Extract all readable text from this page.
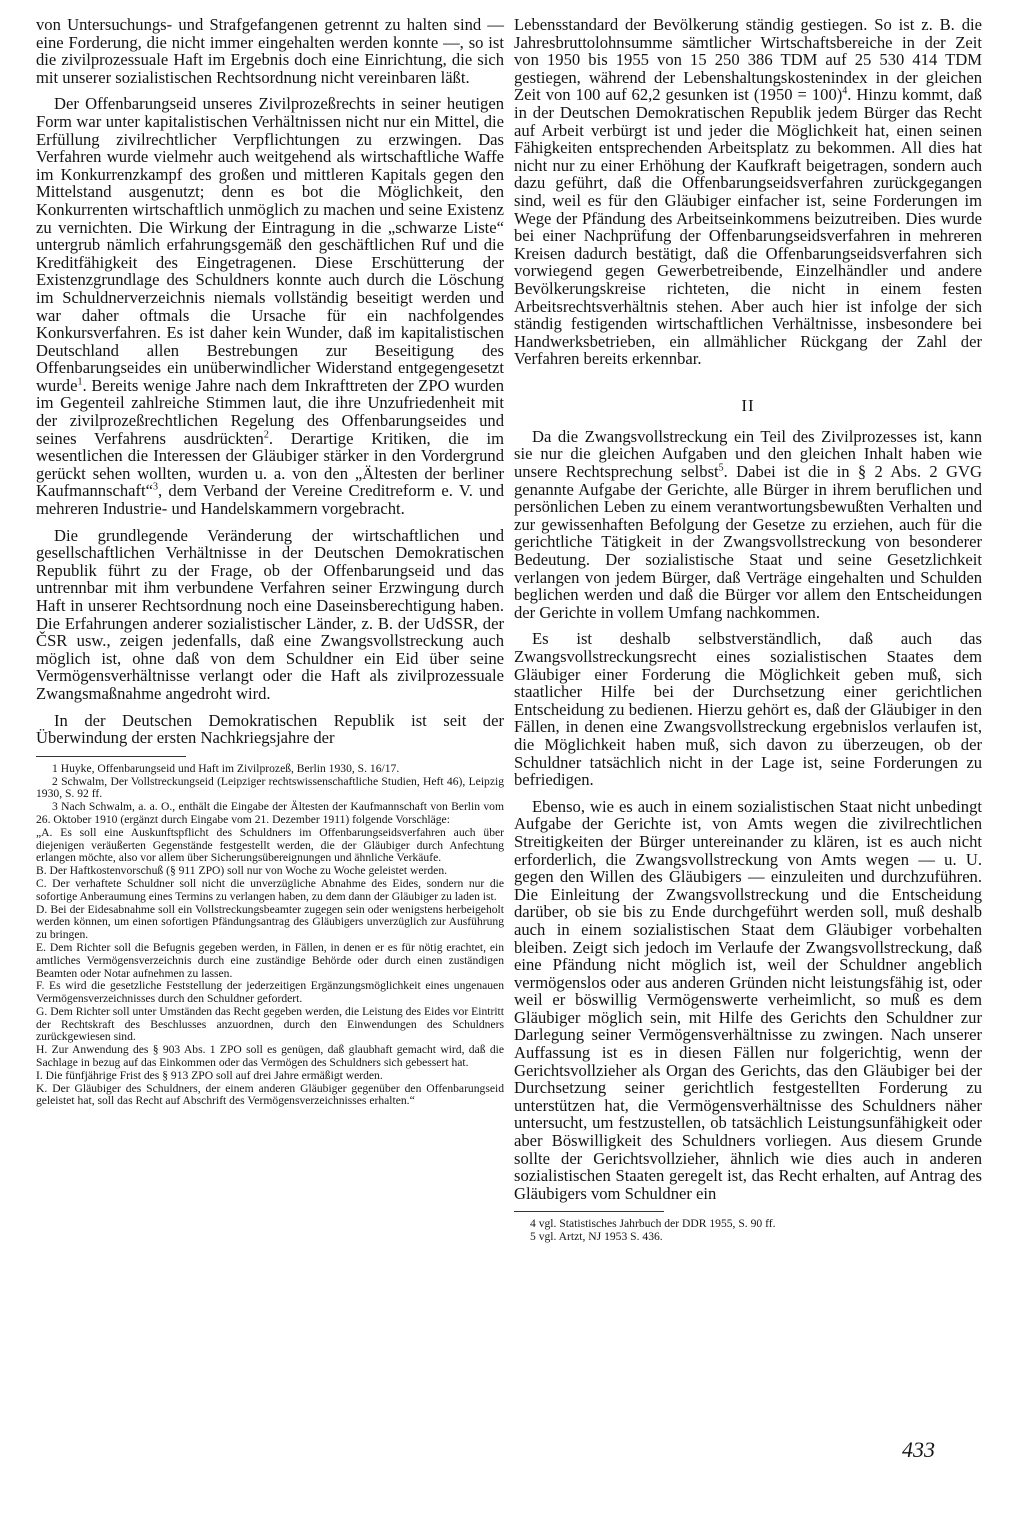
von Untersuchungs- und Strafgefangenen getrennt zu halten sind — eine Forderung, die nicht immer eingehalten werden konnte —, so ist die zivilprozessuale Haft im Ergebnis doch eine Einrichtung, die sich mit unserer sozialistischen Rechtsordnung nicht vereinbaren läßt.

Der Offenbarungseid unseres Zivilprozeßrechts in seiner heutigen Form war unter kapitalistischen Verhältnissen nicht nur ein Mittel, die Erfüllung zivilrechtlicher Verpflichtungen zu erzwingen. Das Verfahren wurde vielmehr auch weitgehend als wirtschaftliche Waffe im Konkurrenzkampf des großen und mittleren Kapitals gegen den Mittelstand ausgenutzt; denn es bot die Möglichkeit, den Konkurrenten wirtschaftlich unmöglich zu machen und seine Existenz zu vernichten. Die Wirkung der Eintragung in die „schwarze Liste“ untergrub nämlich erfahrungsgemäß den geschäftlichen Ruf und die Kreditfähigkeit des Eingetragenen. Diese Erschütterung der Existenzgrundlage des Schuldners konnte auch durch die Löschung im Schuldnerverzeichnis niemals vollständig beseitigt werden und war daher oftmals die Ursache für ein nachfolgendes Konkursverfahren. Es ist daher kein Wunder, daß im kapitalistischen Deutschland allen Bestrebungen zur Beseitigung des Offenbarungseides ein unüberwindlicher Widerstand entgegengesetzt wurde$^1$. Bereits wenige Jahre nach dem Inkrafttreten der ZPO wurden im Gegenteil zahlreiche Stimmen laut, die ihre Unzufriedenheit mit der zivilprozeßrechtlichen Regelung des Offenbarungseides und seines Verfahrens ausdrückten$^2$. Derartige Kritiken, die im wesentlichen die Interessen der Gläubiger stärker in den Vordergrund gerückt sehen wollten, wurden u. a. von den „Ältesten der berliner Kaufmannschaft“$^3$, dem Verband der Vereine Creditreform e. V. und mehreren Industrie- und Handelskammern vorgebracht.

Die grundlegende Veränderung der wirtschaftlichen und gesellschaftlichen Verhältnisse in der Deutschen Demokratischen Republik führt zu der Frage, ob der Offenbarungseid und das untrennbar mit ihm verbundene Verfahren seiner Erzwingung durch Haft in unserer Rechtsordnung noch eine Daseinsberechtigung haben. Die Erfahrungen anderer sozialistischer Länder, z. B. der UdSSR, der ČSR usw., zeigen jedenfalls, daß eine Zwangsvollstreckung auch möglich ist, ohne daß von dem Schuldner ein Eid über seine Vermögensverhältnisse verlangt oder die Haft als zivilprozessuale Zwangsmaßnahme angedroht wird.

In der Deutschen Demokratischen Republik ist seit der Überwindung der ersten Nachkriegsjahre der

1 Huyke, Offenbarungseid und Haft im Zivilprozeß, Berlin 1930, S. 16/17.

2 Schwalm, Der Vollstreckungseid (Leipziger rechtswissenschaftliche Studien, Heft 46), Leipzig 1930, S. 92 ff.

3 Nach Schwalm, a. a. O., enthält die Eingabe der Ältesten der Kaufmannschaft von Berlin vom 26. Oktober 1910 (ergänzt durch Eingabe vom 21. Dezember 1911) folgende Vorschläge:

„A. Es soll eine Auskunftspflicht des Schuldners im Offenbarungseidsverfahren auch über diejenigen veräußerten Gegenstände festgestellt werden, die der Gläubiger durch Anfechtung erlangen möchte, also vor allem über Sicherungsübereignungen und ähnliche Verkäufe.

B. Der Haftkostenvorschuß (§ 911 ZPO) soll nur von Woche zu Woche geleistet werden.

C. Der verhaftete Schuldner soll nicht die unverzügliche Abnahme des Eides, sondern nur die sofortige Anberaumung eines Termins zu verlangen haben, zu dem dann der Gläubiger zu laden ist.

D. Bei der Eidesabnahme soll ein Vollstreckungsbeamter zugegen sein oder wenigstens herbeigeholt werden können, um einen sofortigen Pfändungsantrag des Gläubigers unverzüglich zur Ausführung zu bringen.

E. Dem Richter soll die Befugnis gegeben werden, in Fällen, in denen er es für nötig erachtet, ein amtliches Vermögensverzeichnis durch eine zuständige Behörde oder durch einen zuständigen Beamten oder Notar aufnehmen zu lassen.

F. Es wird die gesetzliche Feststellung der jederzeitigen Ergänzungsmöglichkeit eines ungenauen Vermögensverzeichnisses durch den Schuldner gefordert.

G. Dem Richter soll unter Umständen das Recht gegeben werden, die Leistung des Eides vor Eintritt der Rechtskraft des Beschlusses anzuordnen, durch den Einwendungen des Schuldners zurückgewiesen sind.

H. Zur Anwendung des § 903 Abs. 1 ZPO soll es genügen, daß glaubhaft gemacht wird, daß die Sachlage in bezug auf das Einkommen oder das Vermögen des Schuldners sich gebessert hat.

I. Die fünfjährige Frist des § 913 ZPO soll auf drei Jahre ermäßigt werden.

K. Der Gläubiger des Schuldners, der einem anderen Gläubiger gegenüber den Offenbarungseid geleistet hat, soll das Recht auf Abschrift des Vermögensverzeichnisses erhalten.“

Lebensstandard der Bevölkerung ständig gestiegen. So ist z. B. die Jahresbruttolohnsumme sämtlicher Wirtschaftsbereiche in der Zeit von 1950 bis 1955 von 15 250 386 TDM auf 25 530 414 TDM gestiegen, während der Lebenshaltungskostenindex in der gleichen Zeit von 100 auf 62,2 gesunken ist (1950 = 100)$^4$. Hinzu kommt, daß in der Deutschen Demokratischen Republik jedem Bürger das Recht auf Arbeit verbürgt ist und jeder die Möglichkeit hat, einen seinen Fähigkeiten entsprechenden Arbeitsplatz zu bekommen. All dies hat nicht nur zu einer Erhöhung der Kaufkraft beigetragen, sondern auch dazu geführt, daß die Offenbarungseidsverfahren zurückgegangen sind, weil es für den Gläubiger einfacher ist, seine Forderungen im Wege der Pfändung des Arbeitseinkommens beizutreiben. Dies wurde bei einer Nachprüfung der Offenbarungseidsverfahren in mehreren Kreisen dadurch bestätigt, daß die Offenbarungseidsverfahren sich vorwiegend gegen Gewerbetreibende, Einzelhändler und andere Bevölkerungskreise richteten, die nicht in einem festen Arbeitsrechtsverhältnis stehen. Aber auch hier ist infolge der sich ständig festigenden wirtschaftlichen Verhältnisse, insbesondere bei Handwerksbetrieben, ein allmählicher Rückgang der Zahl der Verfahren bereits erkennbar.

II

Da die Zwangsvollstreckung ein Teil des Zivilprozesses ist, kann sie nur die gleichen Aufgaben und den gleichen Inhalt haben wie unsere Rechtsprechung selbst$^5$. Dabei ist die in § 2 Abs. 2 GVG genannte Aufgabe der Gerichte, alle Bürger in ihrem beruflichen und persönlichen Leben zu einem verantwortungsbewußten Verhalten und zur gewissenhaften Befolgung der Gesetze zu erziehen, auch für die gerichtliche Tätigkeit in der Zwangsvollstreckung von besonderer Bedeutung. Der sozialistische Staat und seine Gesetzlichkeit verlangen von jedem Bürger, daß Verträge eingehalten und Schulden beglichen werden und daß die Bürger vor allem den Entscheidungen der Gerichte in vollem Umfang nachkommen.

Es ist deshalb selbstverständlich, daß auch das Zwangsvollstreckungsrecht eines sozialistischen Staates dem Gläubiger einer Forderung die Möglichkeit geben muß, sich staatlicher Hilfe bei der Durchsetzung einer gerichtlichen Entscheidung zu bedienen. Hierzu gehört es, daß der Gläubiger in den Fällen, in denen eine Zwangsvollstreckung ergebnislos verlaufen ist, die Möglichkeit haben muß, sich davon zu überzeugen, ob der Schuldner tatsächlich nicht in der Lage ist, seine Forderungen zu befriedigen.

Ebenso, wie es auch in einem sozialistischen Staat nicht unbedingt Aufgabe der Gerichte ist, von Amts wegen die zivilrechtlichen Streitigkeiten der Bürger untereinander zu klären, ist es auch nicht erforderlich, die Zwangsvollstreckung von Amts wegen — u. U. gegen den Willen des Gläubigers — einzuleiten und durchzuführen. Die Einleitung der Zwangsvollstreckung und die Entscheidung darüber, ob sie bis zu Ende durchgeführt werden soll, muß deshalb auch in einem sozialistischen Staat dem Gläubiger vorbehalten bleiben. Zeigt sich jedoch im Verlaufe der Zwangsvollstreckung, daß eine Pfändung nicht möglich ist, weil der Schuldner angeblich vermögenslos oder aus anderen Gründen nicht leistungsfähig ist, oder weil er böswillig Vermögenswerte verheimlicht, so muß es dem Gläubiger möglich sein, mit Hilfe des Gerichts den Schuldner zur Darlegung seiner Vermögensverhältnisse zu zwingen. Nach unserer Auffassung ist es in diesen Fällen nur folgerichtig, wenn der Gerichtsvollzieher als Organ des Gerichts, das den Gläubiger bei der Durchsetzung seiner gerichtlich festgestellten Forderung zu unterstützen hat, die Vermögensverhältnisse des Schuldners näher untersucht, um festzustellen, ob tatsächlich Leistungsunfähigkeit oder aber Böswilligkeit des Schuldners vorliegen. Aus diesem Grunde sollte der Gerichtsvollzieher, ähnlich wie dies auch in anderen sozialistischen Staaten geregelt ist, das Recht erhalten, auf Antrag des Gläubigers vom Schuldner ein

4 vgl. Statistisches Jahrbuch der DDR 1955, S. 90 ff.

5 vgl. Artzt, NJ 1953 S. 436.

433
